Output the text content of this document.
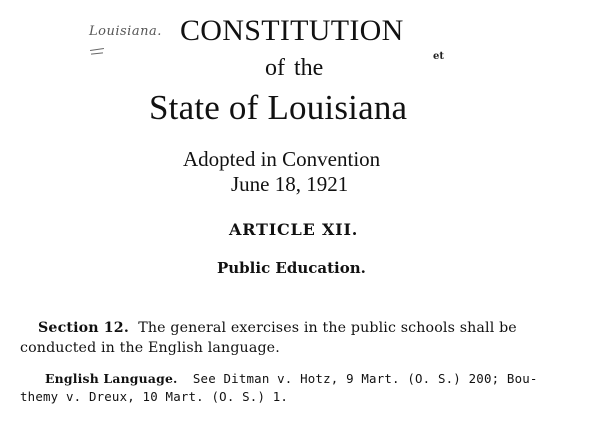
Louisiana.
et
CONSTITUTION
of the
State of Louisiana
Adopted in Convention
June 18, 1921
ARTICLE XII.
Public Education.
Section 12. The general exercises in the public schools shall be
conducted in the English language.
English Language. See Ditman v. Hotz, 9 Mart. (O. S.) 200; Bou-
themy v. Dreux, 10 Mart. (O. S.) 1.
